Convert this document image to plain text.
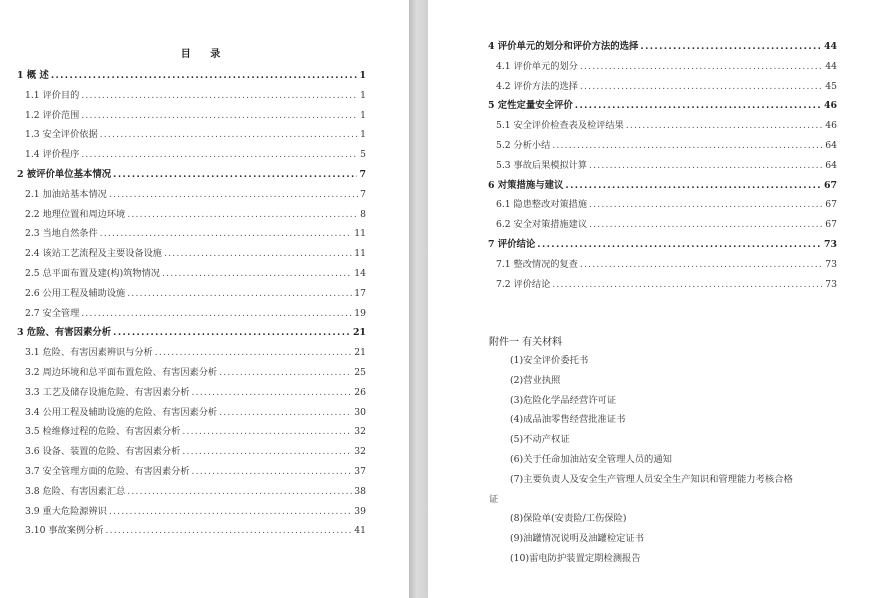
目 录
1 概 述 .....	1
1.1 评价目的 .....	1
1.2 评价范围 .....	1
1.3 安全评价依据 .....	1
1.4 评价程序 .....	5
2 被评价单位基本情况 .....	7
2.1 加油站基本情况 .....	7
2.2 地理位置和周边环境 .....	8
2.3 当地自然条件 .....	11
2.4 该站工艺流程及主要设备设施 .....	11
2.5 总平面布置及建(构)筑物情况 .....	14
2.6 公用工程及辅助设施 .....	17
2.7 安全管理 .....	19
3 危险、有害因素分析 .....	21
3.1 危险、有害因素辨识与分析 .....	21
3.2 周边环境和总平面布置危险、有害因素分析 .....	25
3.3 工艺及储存设施危险、有害因素分析 .....	26
3.4 公用工程及辅助设施的危险、有害因素分析 .....	30
3.5 检维修过程的危险、有害因素分析 .....	32
3.6 设备、装置的危险、有害因素分析 .....	32
3.7 安全管理方面的危险、有害因素分析 .....	37
3.8 危险、有害因素汇总 .....	38
3.9 重大危险源辨识 .....	39
3.10 事故案例分析 .....	41
4 评价单元的划分和评价方法的选择 .....	44
4.1 评价单元的划分 .....	44
4.2 评价方法的选择 .....	45
5 定性定量安全评价 .....	46
5.1 安全评价检查表及检评结果 .....	46
5.2 分析小结 .....	64
5.3 事故后果模拟计算 .....	64
6 对策措施与建议 .....	67
6.1 隐患整改对策措施 .....	67
6.2 安全对策措施建议 .....	67
7 评价结论 .....	73
7.1 整改情况的复查 .....	73
7.2 评价结论 .....	73
附件一 有关材料
(1)安全评价委托书
(2)营业执照
(3)危险化学品经营许可证
(4)成品油零售经营批准证书
(5)不动产权证
(6)关于任命加油站安全管理人员的通知
(7)主要负责人及安全生产管理人员安全生产知识和管理能力考核合格
证
(8)保险单(安责险/工伤保险)
(9)油罐情况说明及油罐检定证书
(10)雷电防护装置定期检测报告
